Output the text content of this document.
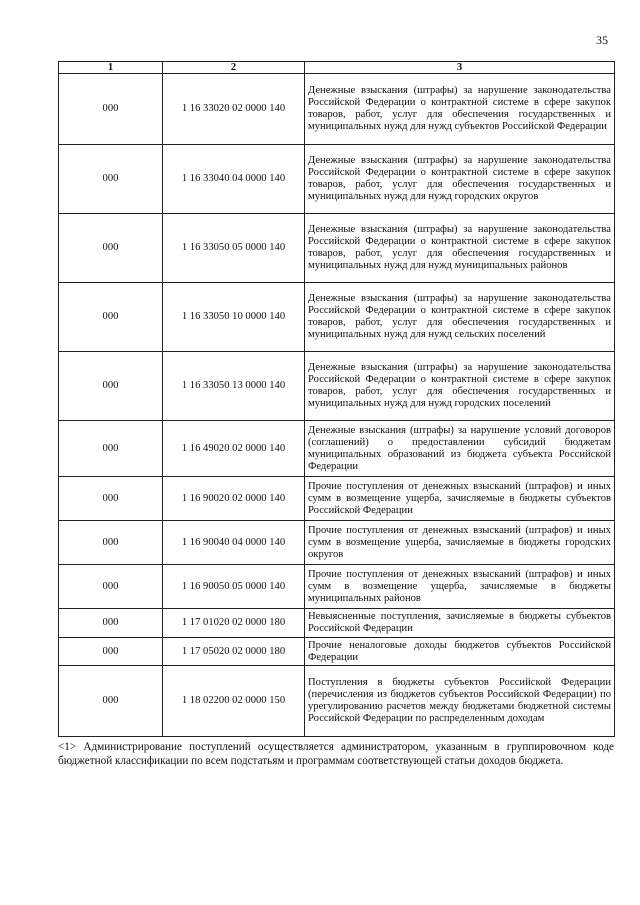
35
1	2	3
000	1 16 33020 02 0000 140	Денежные взыскания (штрафы) за нарушение законодательства Российской Федерации о контрактной системе в сфере закупок товаров, работ, услуг для обеспечения государственных и муниципальных нужд для нужд субъектов Российской Федерации
000	1 16 33040 04 0000 140	Денежные взыскания (штрафы) за нарушение законодательства Российской Федерации о контрактной системе в сфере закупок товаров, работ, услуг для обеспечения государственных и муниципальных нужд для нужд городских округов
000	1 16 33050 05 0000 140	Денежные взыскания (штрафы) за нарушение законодательства Российской Федерации о контрактной системе в сфере закупок товаров, работ, услуг для обеспечения государственных и муниципальных нужд для нужд муниципальных районов
000	1 16 33050 10 0000 140	Денежные взыскания (штрафы) за нарушение законодательства Российской Федерации о контрактной системе в сфере закупок товаров, работ, услуг для обеспечения государственных и муниципальных нужд для нужд сельских поселений
000	1 16 33050 13 0000 140	Денежные взыскания (штрафы) за нарушение законодательства Российской Федерации о контрактной системе в сфере закупок товаров, работ, услуг для обеспечения государственных и муниципальных нужд для нужд городских поселений
000	1 16 49020 02 0000 140	Денежные взыскания (штрафы) за нарушение условий договоров (соглашений) о предоставлении субсидий бюджетам муниципальных образований из бюджета субъекта Российской Федерации
000	1 16 90020 02 0000 140	Прочие поступления от денежных взысканий (штрафов) и иных сумм в возмещение ущерба, зачисляемые в бюджеты субъектов Российской Федерации
000	1 16 90040 04 0000 140	Прочие поступления от денежных взысканий (штрафов) и иных сумм в возмещение ущерба, зачисляемые в бюджеты городских округов
000	1 16 90050 05 0000 140	Прочие поступления от денежных взысканий (штрафов) и иных сумм в возмещение ущерба, зачисляемые в бюджеты муниципальных районов
000	1 17 01020 02 0000 180	Невыясненные поступления, зачисляемые в бюджеты субъектов Российской Федерации
000	1 17 05020 02 0000 180	Прочие неналоговые доходы бюджетов субъектов Российской Федерации
000	1 18 02200 02 0000 150	Поступления в бюджеты субъектов Российской Федерации (перечисления из бюджетов субъектов Российской Федерации) по урегулированию расчетов между бюджетами бюджетной системы Российской Федерации по распределенным доходам
<1> Администрирование поступлений осуществляется администратором, указанным в группировочном коде бюджетной классификации по всем подстатьям и программам соответствующей статьи доходов бюджета.
